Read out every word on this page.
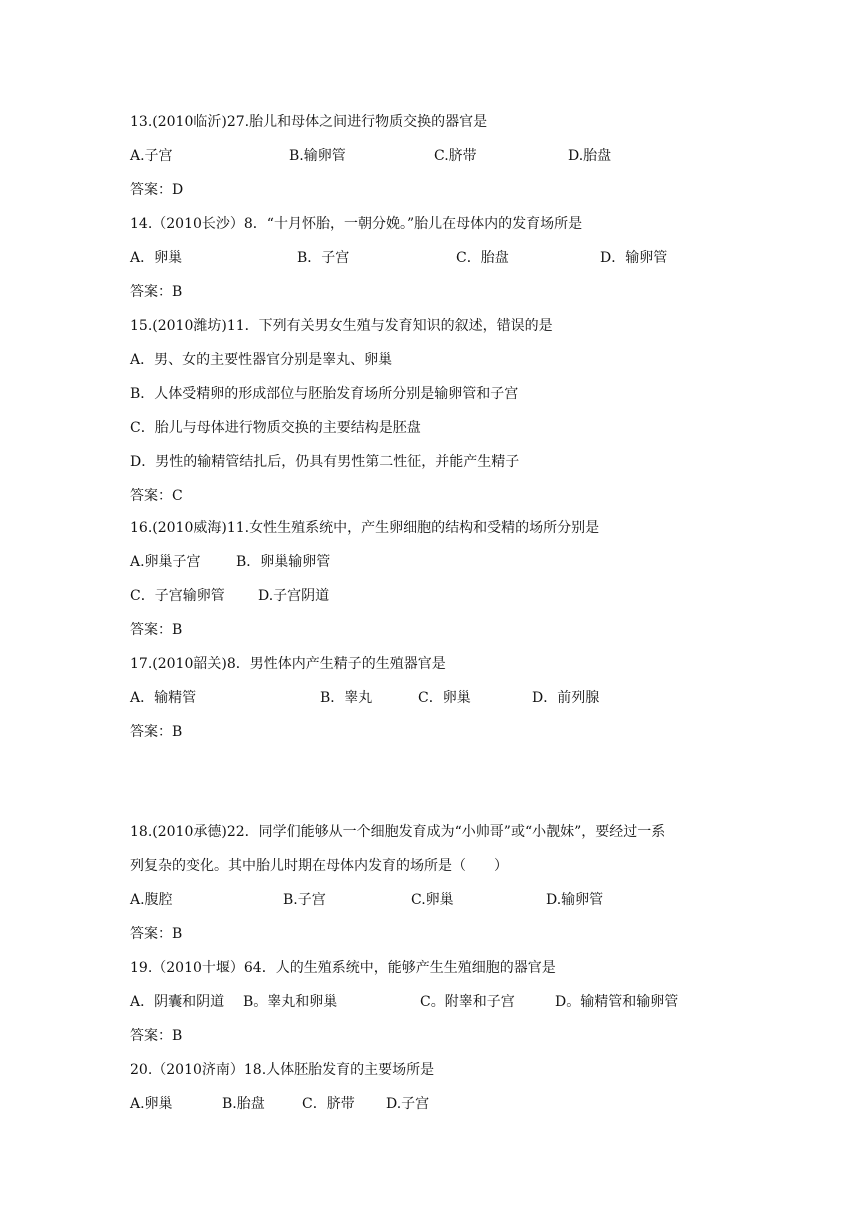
13.(2010临沂)27.胎儿和母体之间进行物质交换的器官是
A.子宫	B.输卵管	C.脐带	D.胎盘
答案：D
14.（2010长沙）8．“十月怀胎，一朝分娩。”胎儿在母体内的发育场所是
A．卵巢	B．子宫	C．胎盘	D．输卵管
答案：B
15.(2010潍坊)11．下列有关男女生殖与发育知识的叙述，错误的是
A．男、女的主要性器官分别是睾丸、卵巢
B．人体受精卵的形成部位与胚胎发育场所分别是输卵管和子宫
C．胎儿与母体进行物质交换的主要结构是胚盘
D．男性的输精管结扎后，仍具有男性第二性征，并能产生精子
答案：C
16.(2010威海)11.女性生殖系统中，产生卵细胞的结构和受精的场所分别是
A.卵巢子宫	B．卵巢输卵管
C．子宫输卵管 D.子宫阴道
答案：B
17.(2010韶关)8．男性体内产生精子的生殖器官是
A．输精管	B．睾丸	C．卵巢	D．前列腺
答案：B
18.(2010承德)22．同学们能够从一个细胞发育成为“小帅哥”或“小靓妹”，要经过一系
列复杂的变化。其中胎儿时期在母体内发育的场所是（　　）
A.腹腔	B.子宫	C.卵巢	D.输卵管
答案：B
19.（2010十堰）64．人的生殖系统中，能够产生生殖细胞的器官是
A．阴囊和阴道 B。睾丸和卵巢	C。附睾和子宫	D。输精管和输卵管
答案：B
20.（2010济南）18.人体胚胎发育的主要场所是
A.卵巢	B.胎盘	C．脐带 D.子宫
